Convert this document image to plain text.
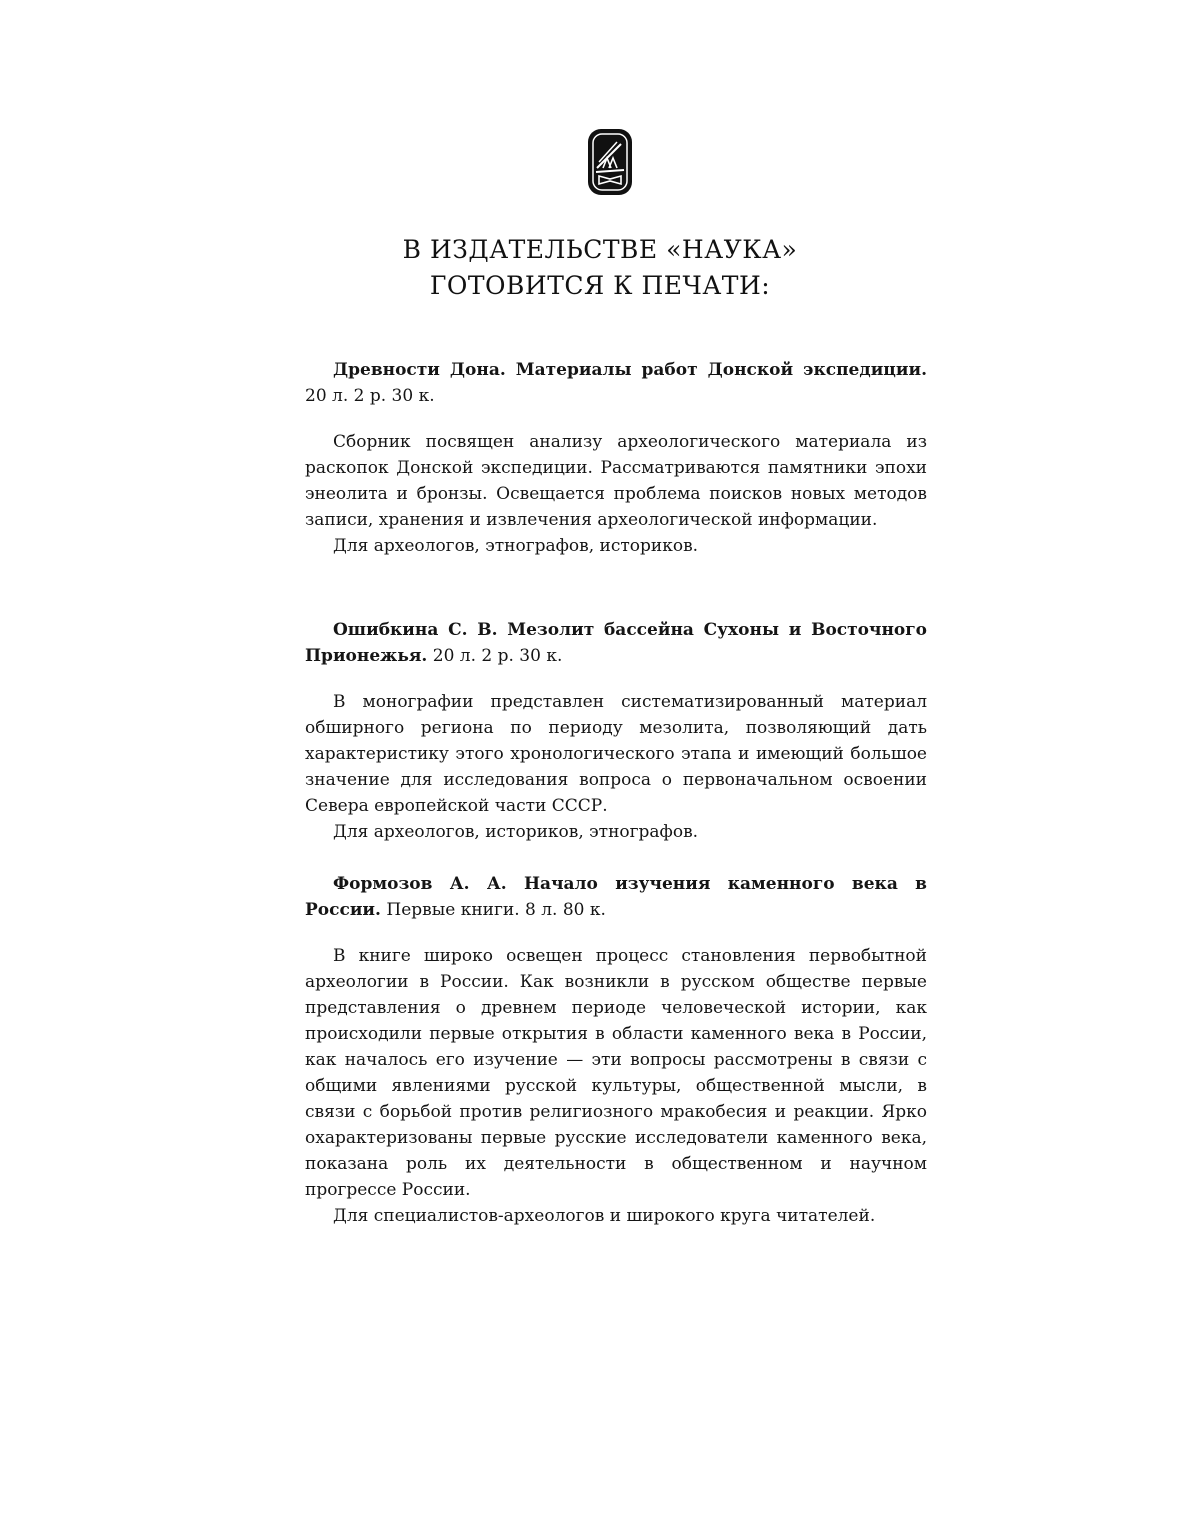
В ИЗДАТЕЛЬСТВЕ «НАУКА»
ГОТОВИТСЯ К ПЕЧАТИ:

Древности Дона. Материалы работ Донской экспедиции. 20 л. 2 р. 30 к.

Сборник посвящен анализу археологического материала из раскопок Донской экспедиции. Рассматриваются памятники эпохи энеолита и бронзы. Освещается проблема поисков новых методов записи, хранения и извлечения археологической информации.

Для археологов, этнографов, историков.

Ошибкина С. В. Мезолит бассейна Сухоны и Восточного Прионежья. 20 л. 2 р. 30 к.

В монографии представлен систематизированный материал обширного региона по периоду мезолита, позволяющий дать характеристику этого хронологического этапа и имеющий большое значение для исследования вопроса о первоначальном освоении Севера европейской части СССР.

Для археологов, историков, этнографов.

Формозов А. А. Начало изучения каменного века в России. Первые книги. 8 л. 80 к.

В книге широко освещен процесс становления первобытной археологии в России. Как возникли в русском обществе первые представления о древнем периоде человеческой истории, как происходили первые открытия в области каменного века в России, как началось его изучение — эти вопросы рассмотрены в связи с общими явлениями русской культуры, общественной мысли, в связи с борьбой против религиозного мракобесия и реакции. Ярко охарактеризованы первые русские исследователи каменного века, показана роль их деятельности в общественном и научном прогрессе России.

Для специалистов-археологов и широкого круга читателей.
